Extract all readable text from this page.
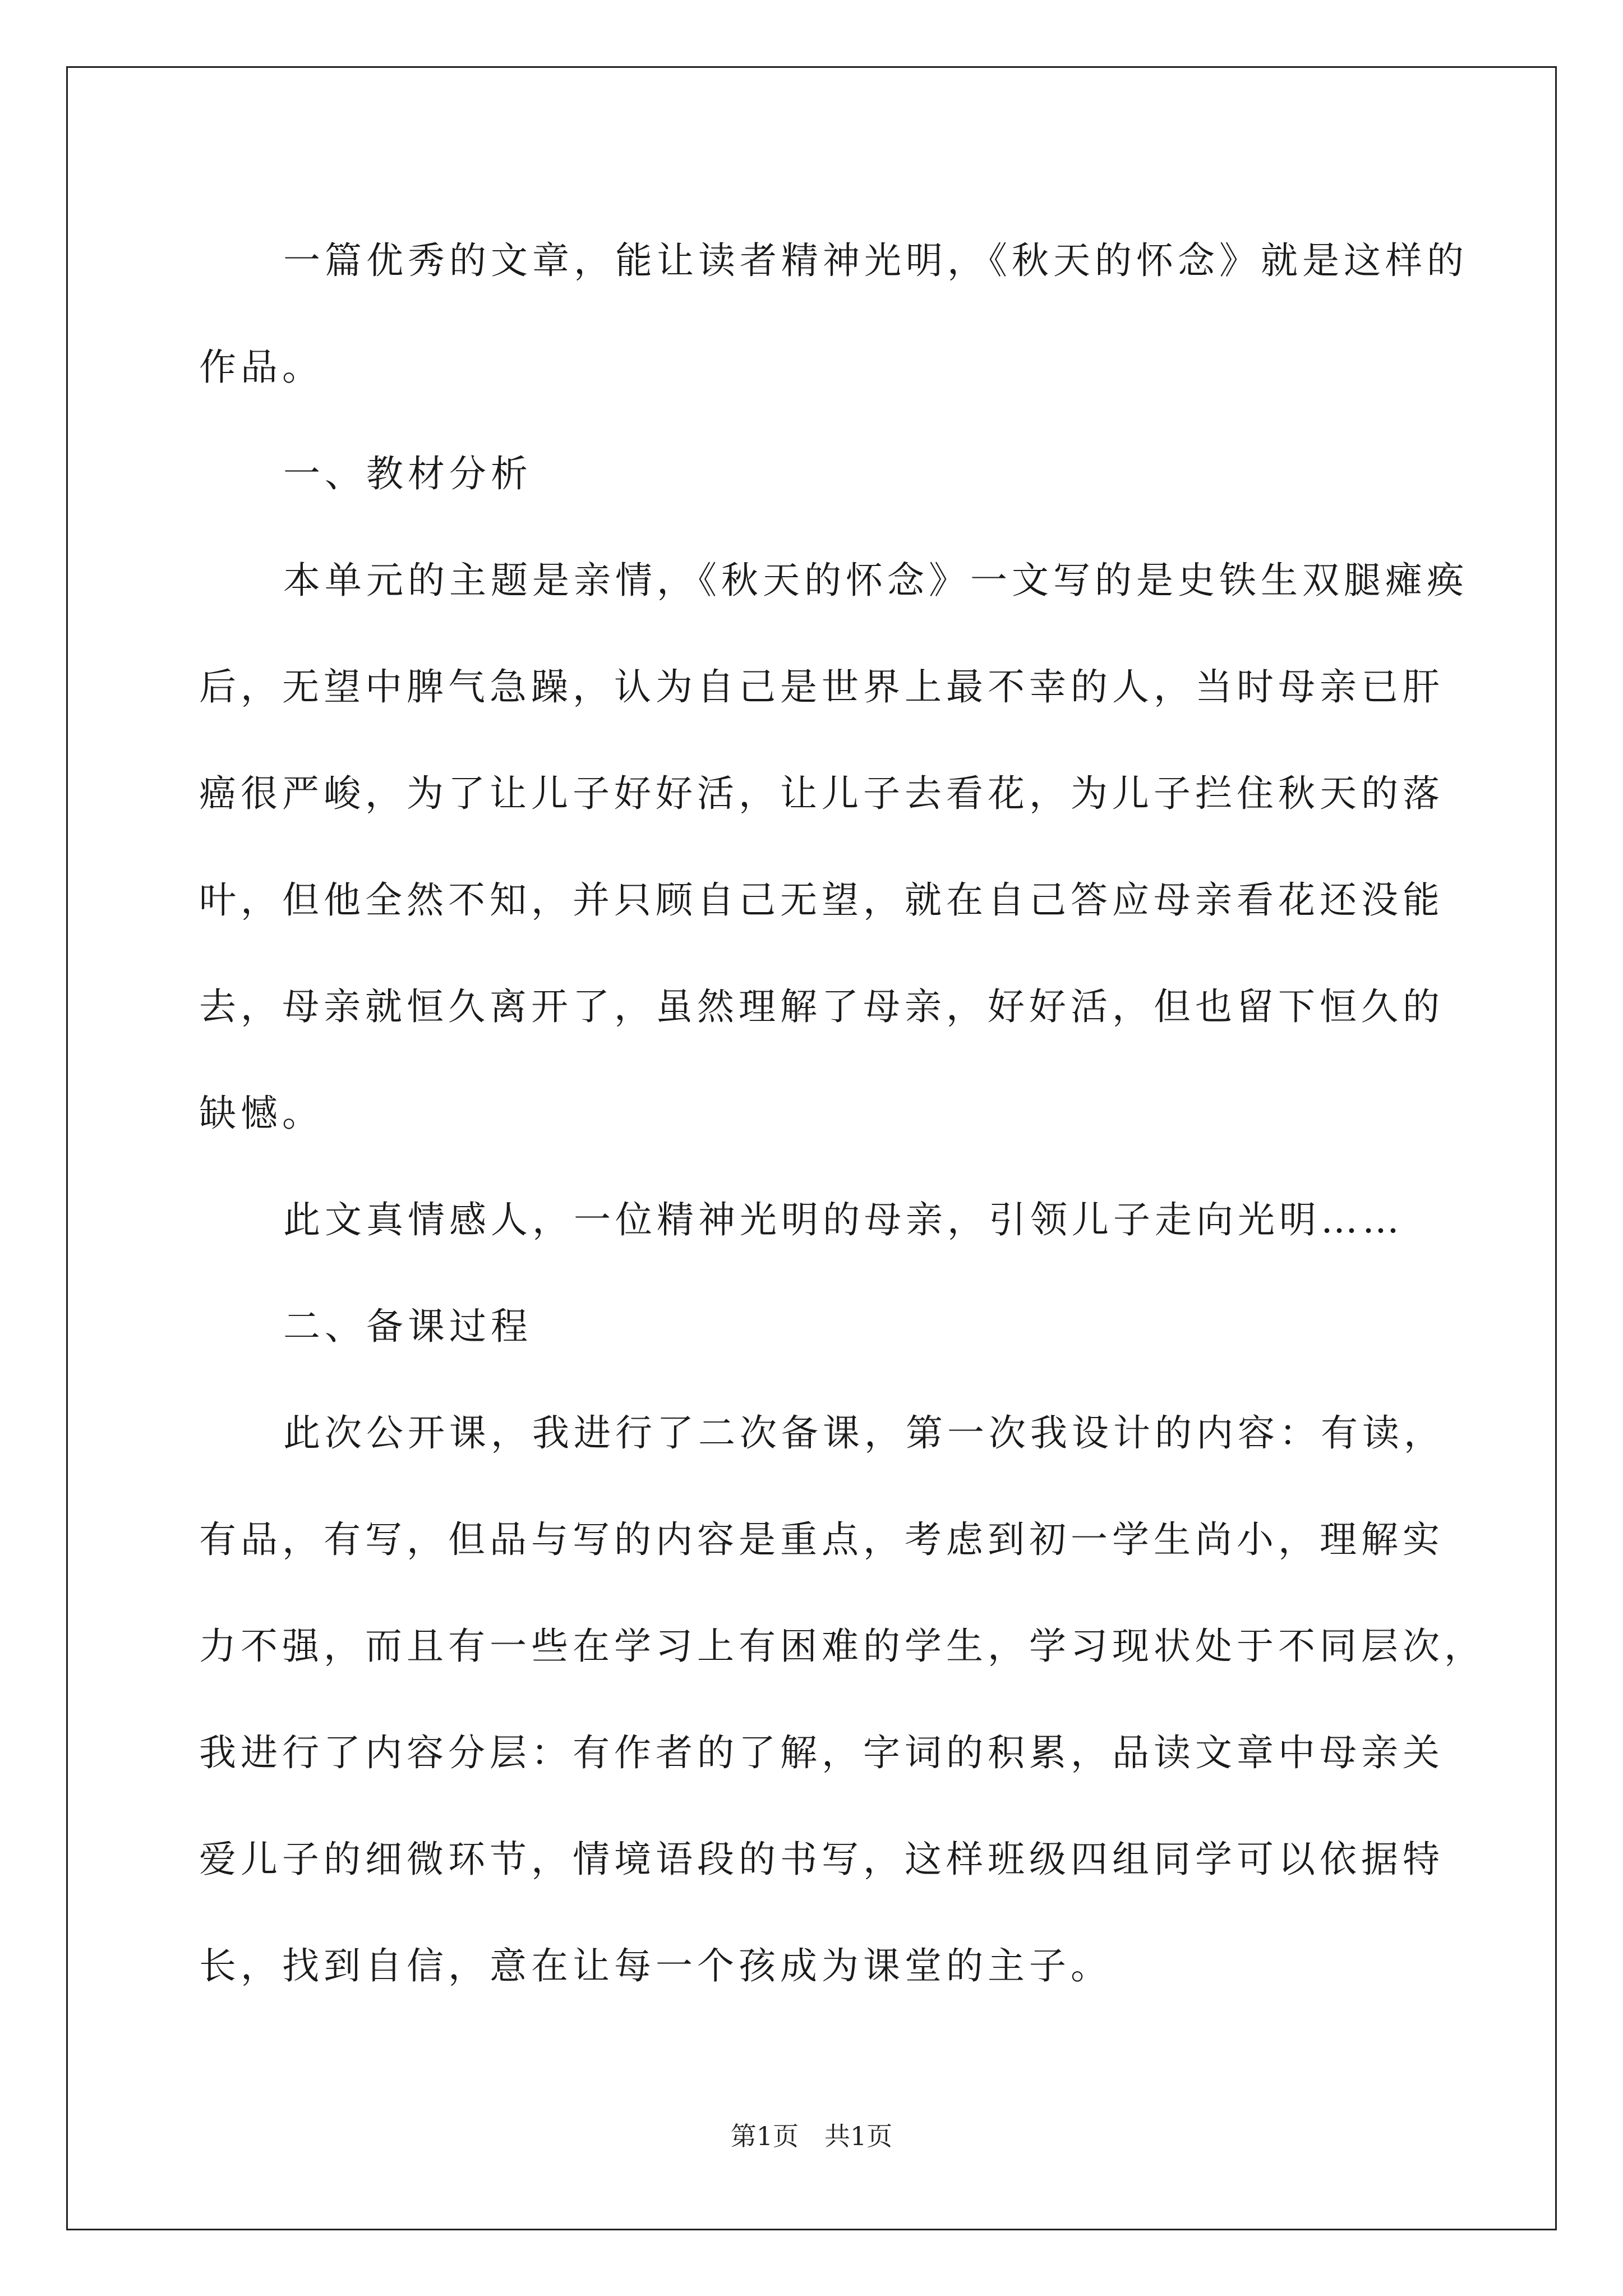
一篇优秀的文章，能让读者精神光明，《秋天的怀念》就是这样的
作品。
一、教材分析
本单元的主题是亲情，《秋天的怀念》一文写的是史铁生双腿瘫痪
后，无望中脾气急躁，认为自己是世界上最不幸的人，当时母亲已肝
癌很严峻，为了让儿子好好活，让儿子去看花，为儿子拦住秋天的落
叶，但他全然不知，并只顾自己无望，就在自己答应母亲看花还没能
去，母亲就恒久离开了，虽然理解了母亲，好好活，但也留下恒久的
缺憾。
此文真情感人，一位精神光明的母亲，引领儿子走向光明……
二、备课过程
此次公开课，我进行了二次备课，第一次我设计的内容：有读，
有品，有写，但品与写的内容是重点，考虑到初一学生尚小，理解实
力不强，而且有一些在学习上有困难的学生，学习现状处于不同层次，
我进行了内容分层：有作者的了解，字词的积累，品读文章中母亲关
爱儿子的细微环节，情境语段的书写，这样班级四组同学可以依据特
长，找到自信，意在让每一个孩成为课堂的主子。
第1页　共1页
